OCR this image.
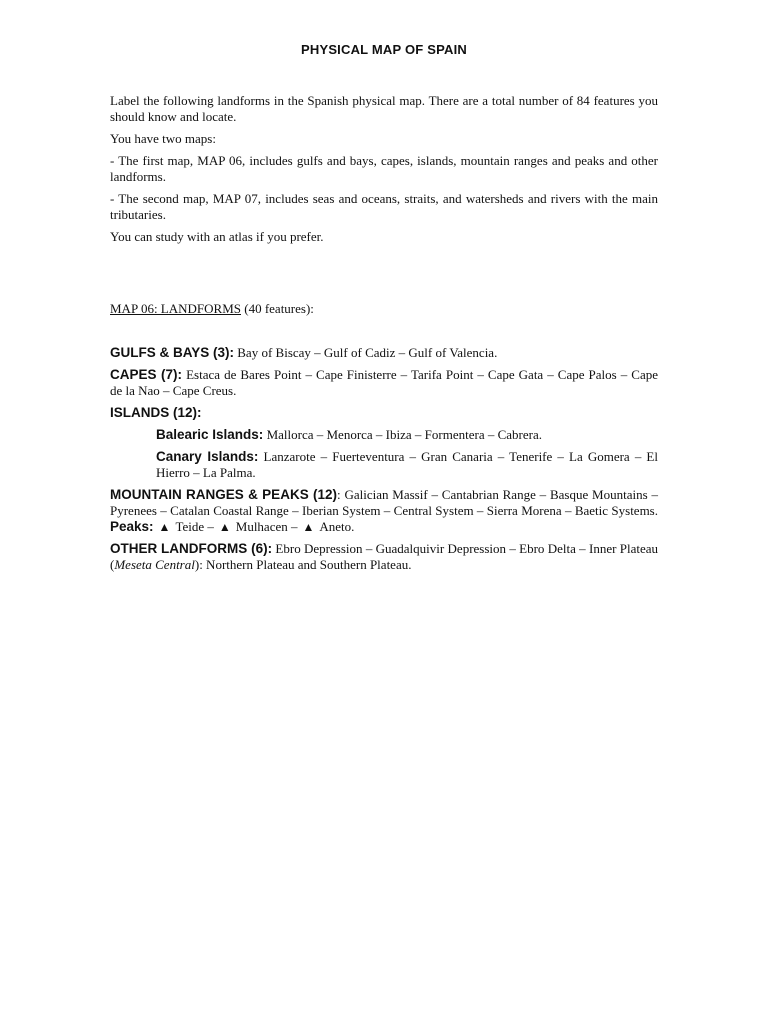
PHYSICAL MAP OF SPAIN

Label the following landforms in the Spanish physical map. There are a total number of 84 features you should know and locate.

You have two maps:

- The first map, MAP 06, includes gulfs and bays, capes, islands, mountain ranges and peaks and other landforms.

- The second map, MAP 07, includes seas and oceans, straits, and watersheds and rivers with the main tributaries.

You can study with an atlas if you prefer.

MAP 06: LANDFORMS (40 features):

GULFS & BAYS (3): Bay of Biscay – Gulf of Cadiz – Gulf of Valencia.

CAPES (7): Estaca de Bares Point – Cape Finisterre – Tarifa Point – Cape Gata – Cape Palos – Cape de la Nao – Cape Creus.

ISLANDS (12):

Balearic Islands: Mallorca – Menorca – Ibiza – Formentera – Cabrera.

Canary Islands: Lanzarote – Fuerteventura – Gran Canaria – Tenerife – La Gomera – El Hierro – La Palma.

MOUNTAIN RANGES & PEAKS (12): Galician Massif – Cantabrian Range – Basque Mountains – Pyrenees – Catalan Coastal Range – Iberian System – Central System – Sierra Morena – Baetic Systems. Peaks: ▲ Teide – ▲ Mulhacen – ▲ Aneto.

OTHER LANDFORMS (6): Ebro Depression – Guadalquivir Depression – Ebro Delta – Inner Plateau (Meseta Central): Northern Plateau and Southern Plateau.
